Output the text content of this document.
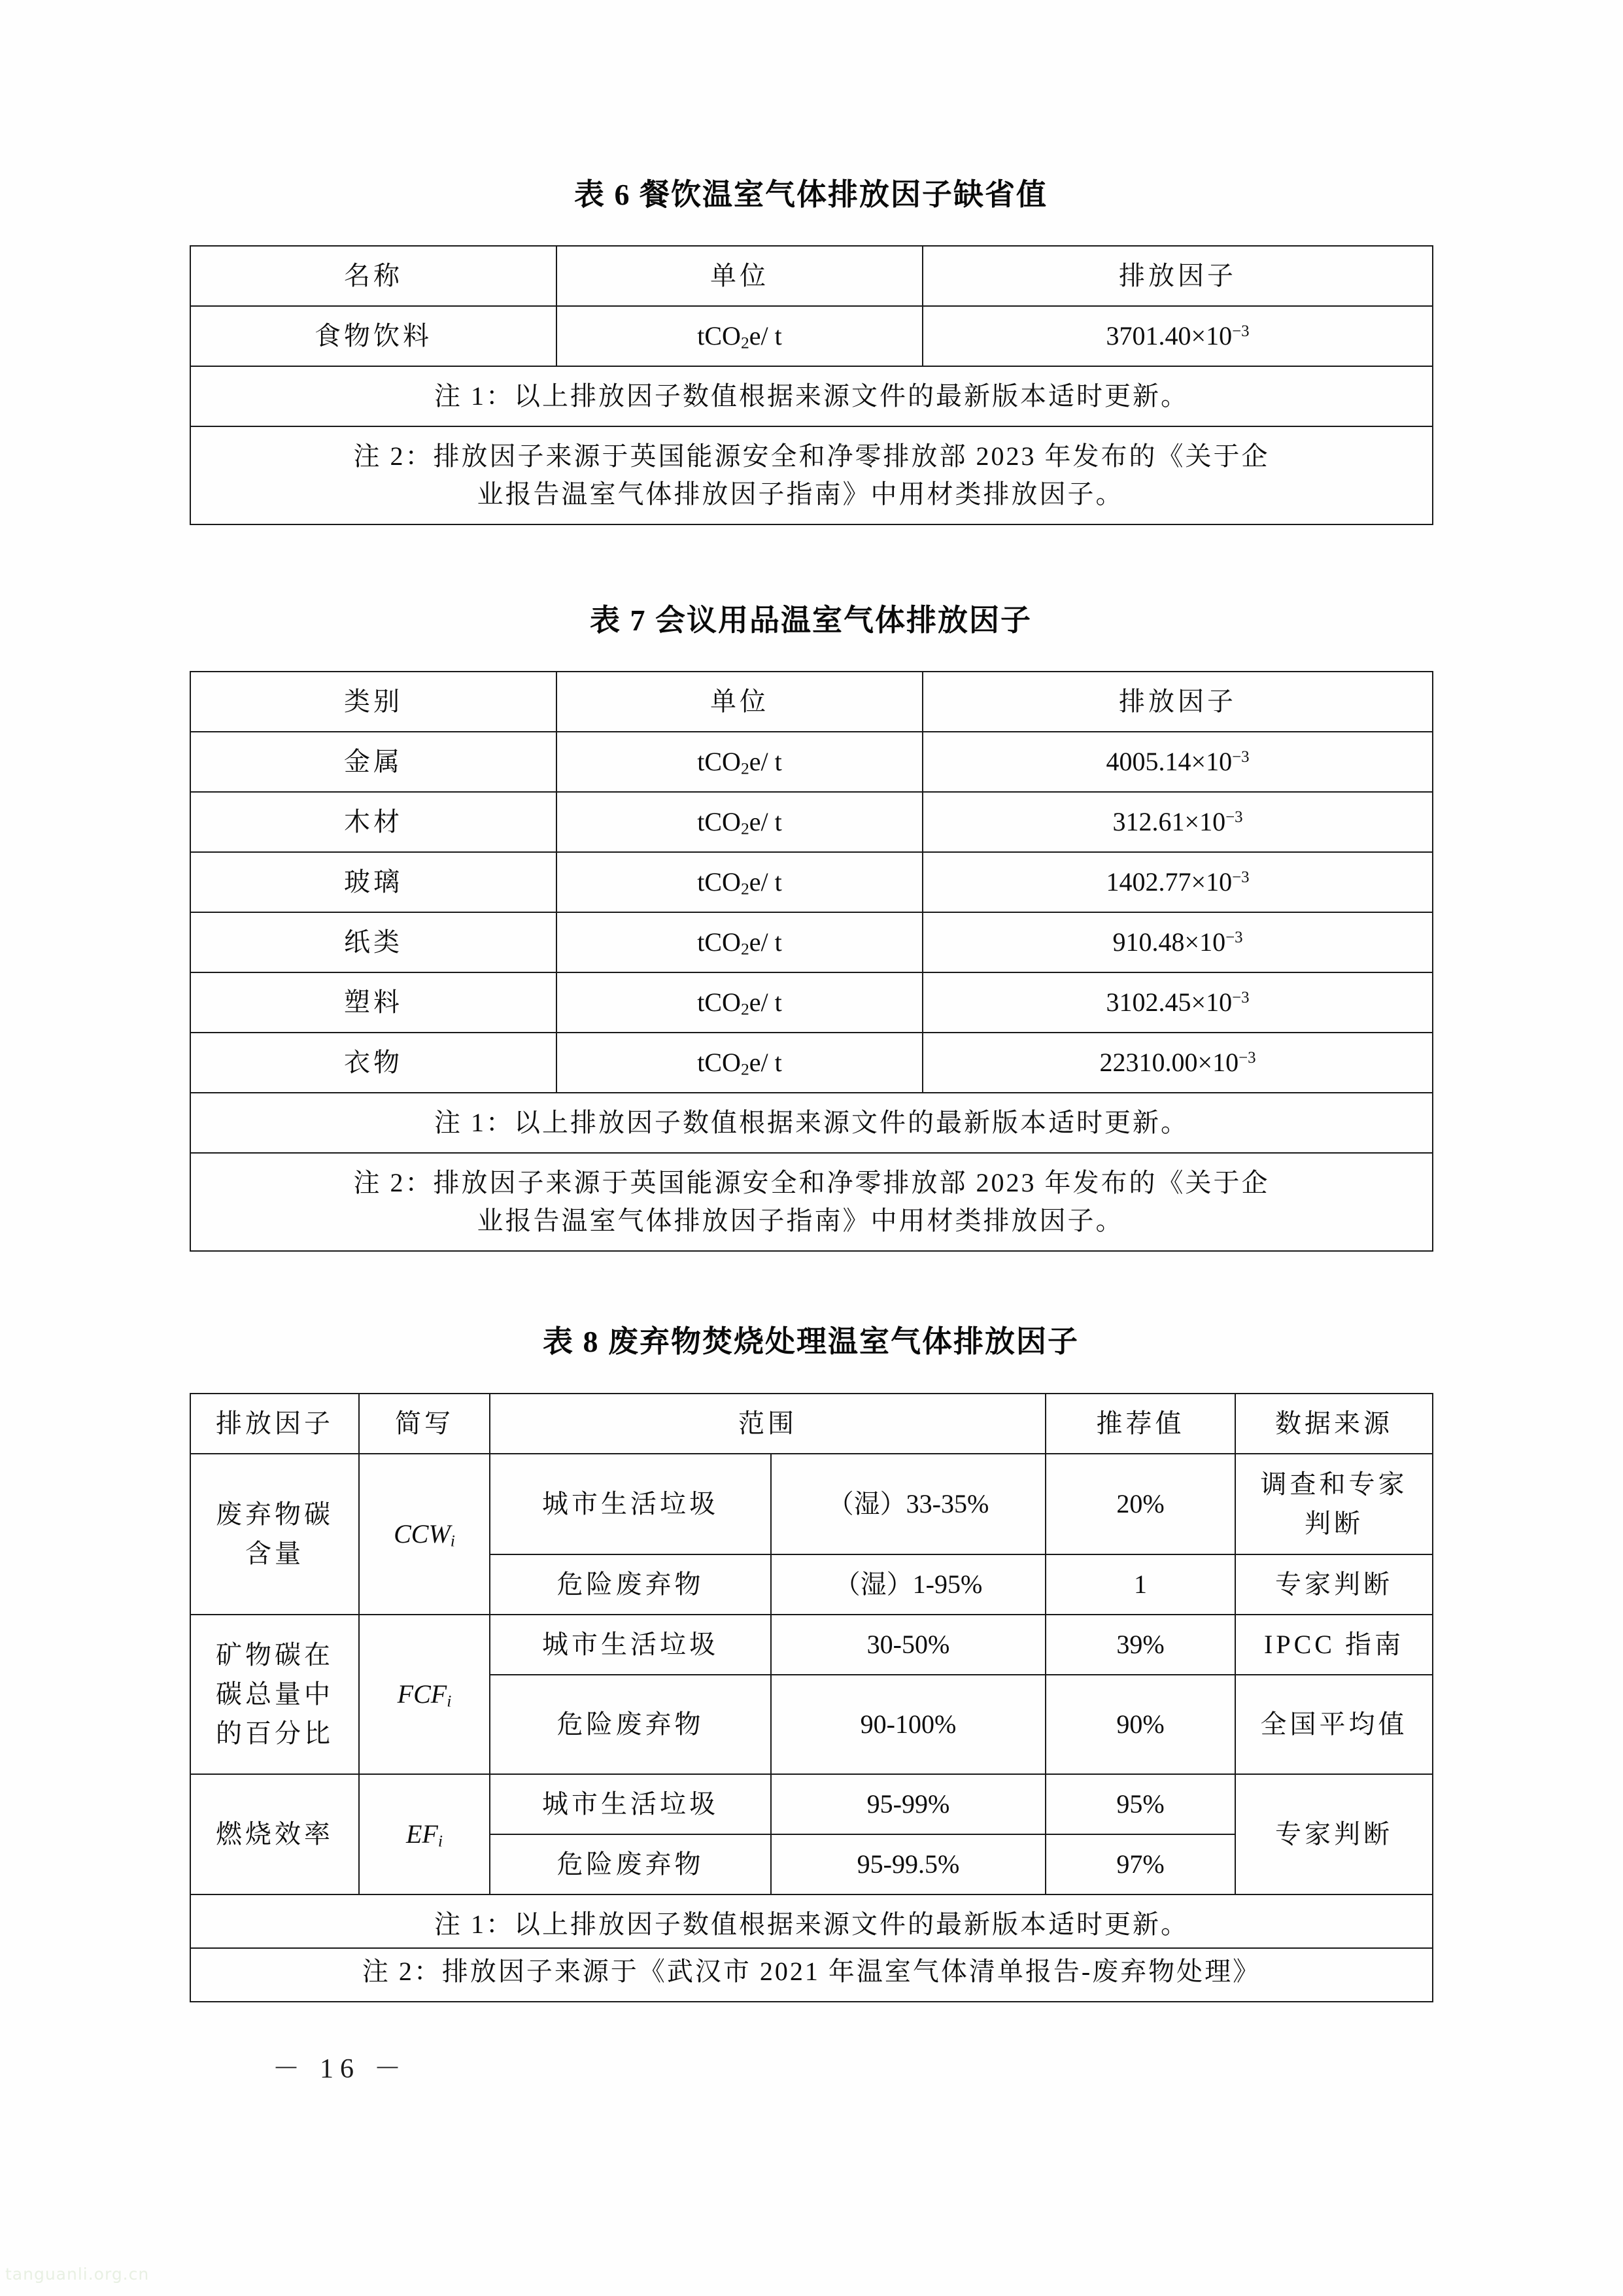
表 6 餐饮温室气体排放因子缺省值
名称	单位	排放因子
食物饮料	tCO$_2$e/ t	$3701.40\times 10^{-3}$
注 1：以上排放因子数值根据来源文件的最新版本适时更新。		

注 2：排放因子来源于英国能源安全和净零排放部 2023 年发布的《关于企
业报告温室气体排放因子指南》中用材类排放因子。		
表 7 会议用品温室气体排放因子
类别	单位	排放因子
金属	tCO$_2$e/ t	$4005.14\times 10^{-3}$
木材	tCO$_2$e/ t	$312.61\times 10^{-3}$
玻璃	tCO$_2$e/ t	$1402.77\times 10^{-3}$
纸类	tCO$_2$e/ t	$910.48\times 10^{-3}$
塑料	tCO$_2$e/ t	$3102.45\times 10^{-3}$
衣物	tCO$_2$e/ t	$22310.00\times 10^{-3}$
注 1：以上排放因子数值根据来源文件的最新版本适时更新。		

注 2：排放因子来源于英国能源安全和净零排放部 2023 年发布的《关于企
业报告温室气体排放因子指南》中用材类排放因子。		
表 8 废弃物焚烧处理温室气体排放因子
排放因子	简写	范围		推荐值	数据来源

废弃物碳
含量	$CCW_i$	城市生活垃圾	（湿）33-35%	20%	调查和专家
判断

		危险废弃物	（湿）1-95%	1	专家判断

矿物碳在
碳总量中
的百分比	$FCF_i$	城市生活垃圾	30-50%	39%	IPCC 指南
		危险废弃物	90-100%	90%	全国平均值
燃烧效率	$EF_i$	城市生活垃圾	95-99%	95%	专家判断
		危险废弃物	95-99.5%	97%	
注 1：以上排放因子数值根据来源文件的最新版本适时更新。					
注 2：排放因子来源于《武汉市 2021 年温室气体清单报告-废弃物处理》					
－ 16 －
tanguanli.org.cn
